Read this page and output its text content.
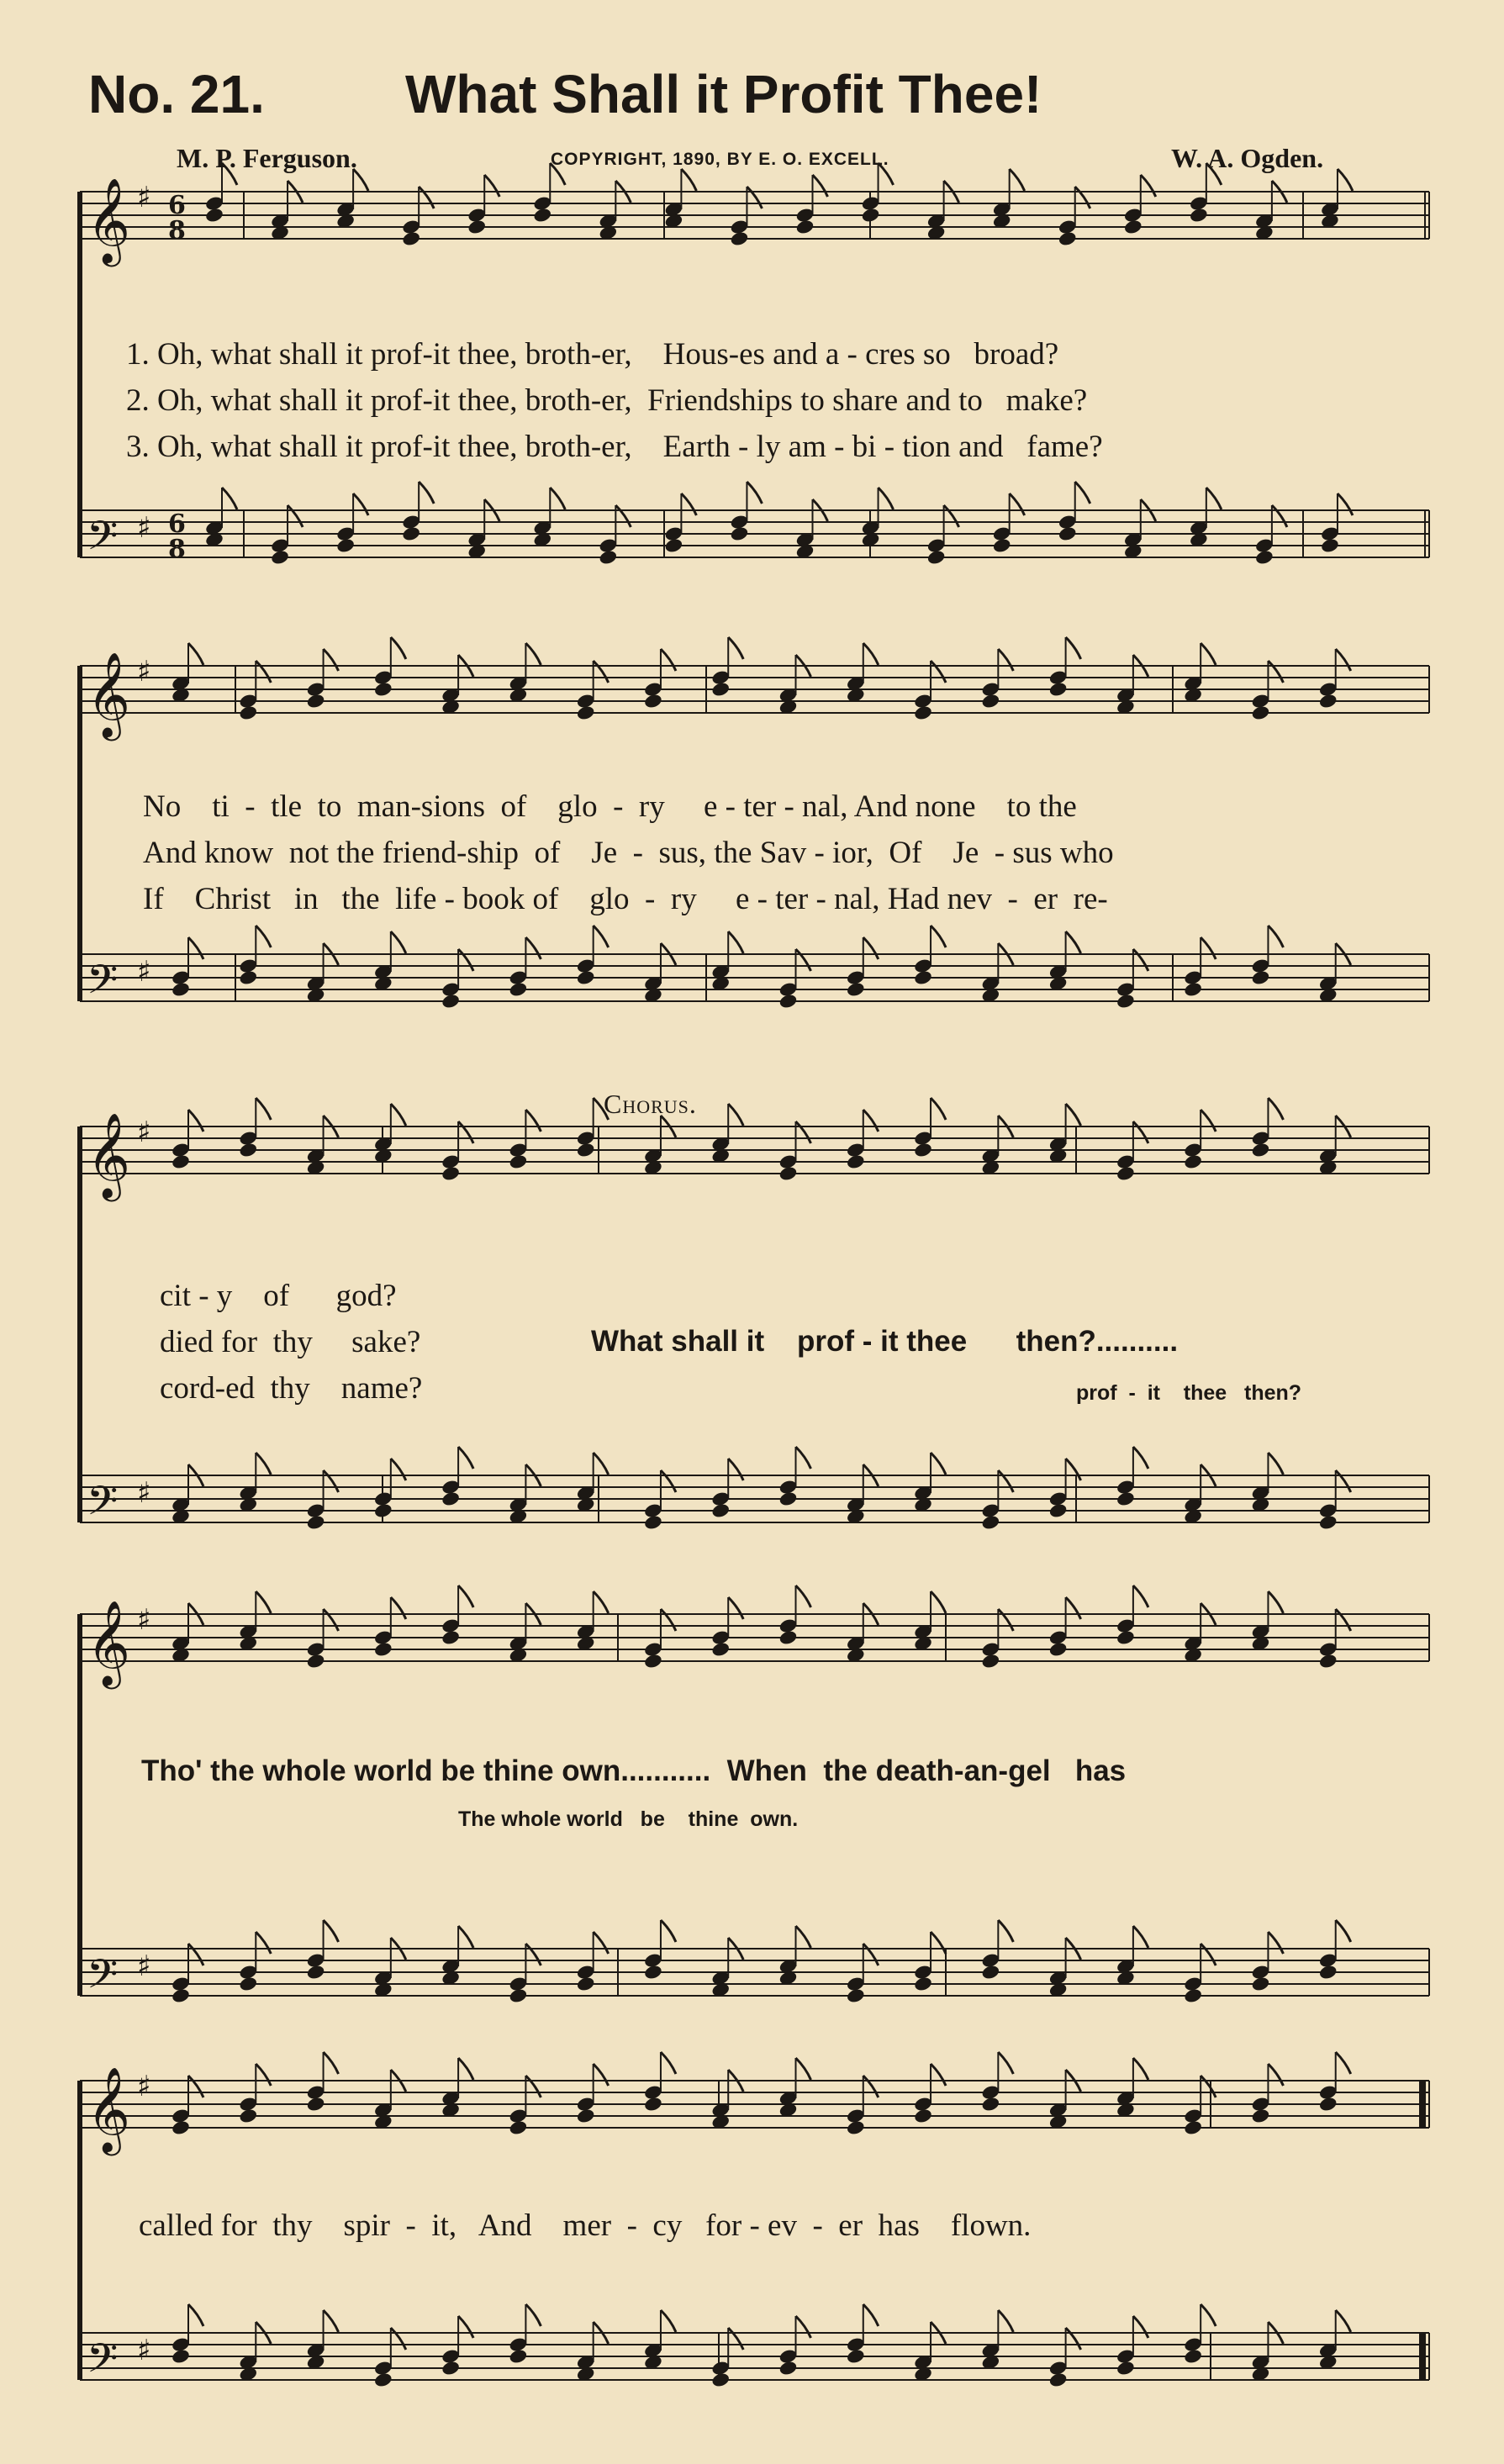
No. 21.	What Shall it Profit Thee!
M. P. Ferguson.	COPYRIGHT, 1890, BY E. O. EXCELL.	W. A. Ogden.
𝄞 ♯ 6
8
𝄢 ♯ 6
8
𝄞 ♯
𝄢 ♯
𝄞 ♯
𝄢 ♯
𝄞 ♯
𝄢 ♯
𝄞 ♯
𝄢 ♯
1. Oh, what shall it prof-it thee, broth-er,    Hous-es and a - cres so   broad?
2. Oh, what shall it prof-it thee, broth-er,  Friendships to share and to   make?
3. Oh, what shall it prof-it thee, broth-er,    Earth - ly am - bi - tion and   fame?
No    ti  -  tle  to  man-sions  of    glo  -  ry     e - ter - nal, And none    to the
And know  not the friend-ship  of    Je  -  sus, the Sav - ior,  Of    Je  - sus who
If    Christ   in   the  life - book of    glo  -  ry     e - ter - nal, Had nev  -  er  re-
Chorus.
cit - y    of      god?
died for  thy     sake?
cord-ed  thy    name?
What shall it    prof - it thee      then?..........
prof  -  it    thee   then?
Tho' the whole world be thine own...........  When  the death-an-gel   has
The whole world   be    thine  own.
called for  thy    spir  -  it,   And    mer  -  cy   for - ev  -  er  has    flown.
